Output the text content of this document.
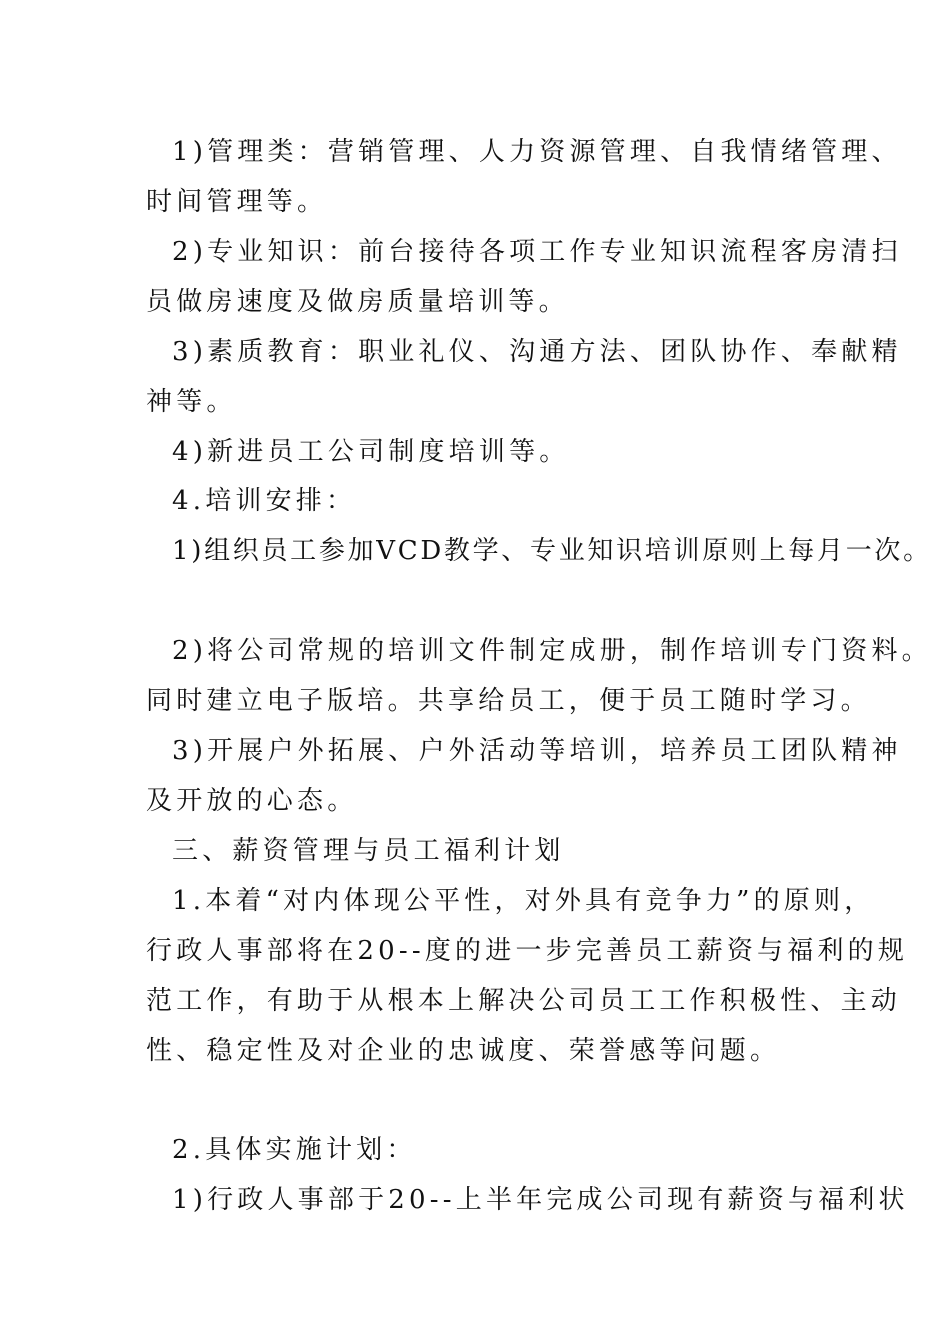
1)管理类：营销管理、人力资源管理、自我情绪管理、
时间管理等。
2)专业知识：前台接待各项工作专业知识流程客房清扫
员做房速度及做房质量培训等。
3)素质教育：职业礼仪、沟通方法、团队协作、奉献精
神等。
4)新进员工公司制度培训等。
4.培训安排：
1)组织员工参加VCD教学、专业知识培训原则上每月一次。
2)将公司常规的培训文件制定成册，制作培训专门资料。
同时建立电子版培。共享给员工，便于员工随时学习。
3)开展户外拓展、户外活动等培训，培养员工团队精神
及开放的心态。
三、薪资管理与员工福利计划
1.本着“对内体现公平性，对外具有竞争力”的原则，
行政人事部将在20--度的进一步完善员工薪资与福利的规
范工作，有助于从根本上解决公司员工工作积极性、主动
性、稳定性及对企业的忠诚度、荣誉感等问题。
2.具体实施计划：
1)行政人事部于20--上半年完成公司现有薪资与福利状
